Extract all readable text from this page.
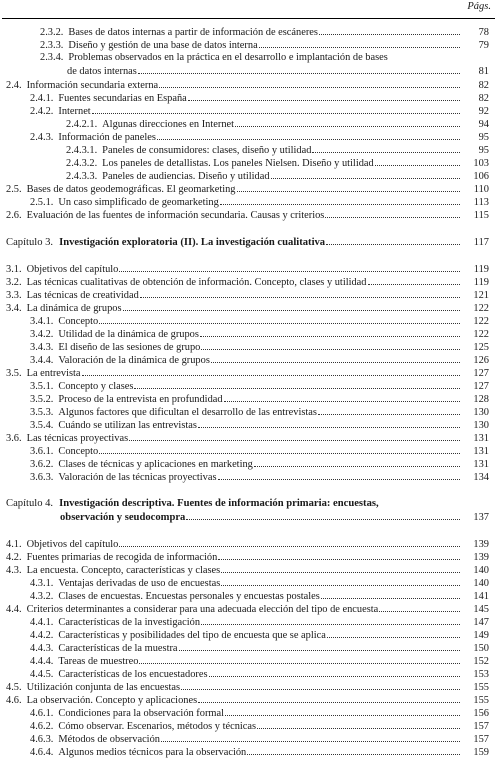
Págs.
2.3.2. Bases de datos internas a partir de información de escáneres	78
2.3.3. Diseño y gestión de una base de datos interna	79
2.3.4. Problemas observados en la práctica en el desarrollo e implantación de bases
de datos internas	81
2.4. Información secundaria externa	82
2.4.1. Fuentes secundarias en España	82
2.4.2. Internet	92
2.4.2.1. Algunas direcciones en Internet	94
2.4.3. Información de paneles	95
2.4.3.1. Paneles de consumidores: clases, diseño y utilidad	95
2.4.3.2. Los paneles de detallistas. Los paneles Nielsen. Diseño y utilidad	103
2.4.3.3. Paneles de audiencias. Diseño y utilidad	106
2.5. Bases de datos geodemográficas. El geomarketing	110
2.5.1. Un caso simplificado de geomarketing	113
2.6. Evaluación de las fuentes de información secundaria. Causas y criterios	115
Capítulo 3. Investigación exploratoria (II). La investigación cualitativa	117
3.1. Objetivos del capítulo	119
3.2. Las técnicas cualitativas de obtención de información. Concepto, clases y utilidad	119
3.3. Las técnicas de creatividad	121
3.4. La dinámica de grupos	122
3.4.1. Concepto	122
3.4.2. Utilidad de la dinámica de grupos	122
3.4.3. El diseño de las sesiones de grupo	125
3.4.4. Valoración de la dinámica de grupos	126
3.5. La entrevista	127
3.5.1. Concepto y clases	127
3.5.2. Proceso de la entrevista en profundidad	128
3.5.3. Algunos factores que dificultan el desarrollo de las entrevistas	130
3.5.4. Cuándo se utilizan las entrevistas	130
3.6. Las técnicas proyectivas	131
3.6.1. Concepto	131
3.6.2. Clases de técnicas y aplicaciones en marketing	131
3.6.3. Valoración de las técnicas proyectivas	134
Capítulo 4. Investigación descriptiva. Fuentes de información primaria: encuestas,
observación y seudocompra	137
4.1. Objetivos del capítulo	139
4.2. Fuentes primarias de recogida de información	139
4.3. La encuesta. Concepto, características y clases	140
4.3.1. Ventajas derivadas de uso de encuestas	140
4.3.2. Clases de encuestas. Encuestas personales y encuestas postales	141
4.4. Criterios determinantes a considerar para una adecuada elección del tipo de encuesta	145
4.4.1. Características de la investigación	147
4.4.2. Características y posibilidades del tipo de encuesta que se aplica	149
4.4.3. Características de la muestra	150
4.4.4. Tareas de muestreo	152
4.4.5. Características de los encuestadores	153
4.5. Utilización conjunta de las encuestas	155
4.6. La observación. Concepto y aplicaciones	155
4.6.1. Condiciones para la observación formal	156
4.6.2. Cómo observar. Escenarios, métodos y técnicas	157
4.6.3. Métodos de observación	157
4.6.4. Algunos medios técnicos para la observación	159
